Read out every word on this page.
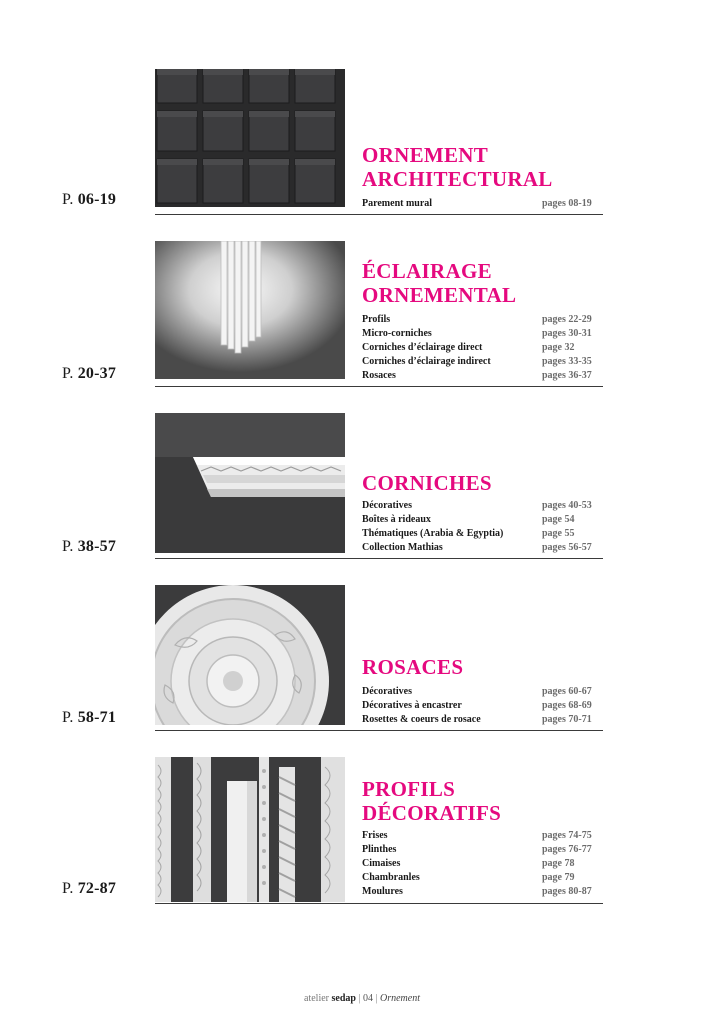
ORNEMENT
ARCHITECTURAL
P. 06-19	Parement mural	pages 08-19
ÉCLAIRAGE
ORNEMENTAL
Profils	pages 22-29
Micro-corniches	pages 30-31
Corniches d’éclairage direct	page 32
Corniches d’éclairage indirect	pages 33-35
Rosaces	pages 36-37
P. 20-37
CORNICHES
Décoratives	pages 40-53
Boîtes à rideaux	page 54
Thématiques (Arabia & Egyptia)	page 55
Collection Mathias	pages 56-57
P. 38-57
ROSACES
Décoratives	pages 60-67
Décoratives à encastrer	pages 68-69
Rosettes & coeurs de rosace	pages 70-71
P. 58-71
PROFILS
DÉCORATIFS
Frises	pages 74-75
Plinthes	pages 76-77
Cimaises	page 78
Chambranles	page 79
Moulures	pages 80-87
P. 72-87
atelier sedap | 04 | Ornement
